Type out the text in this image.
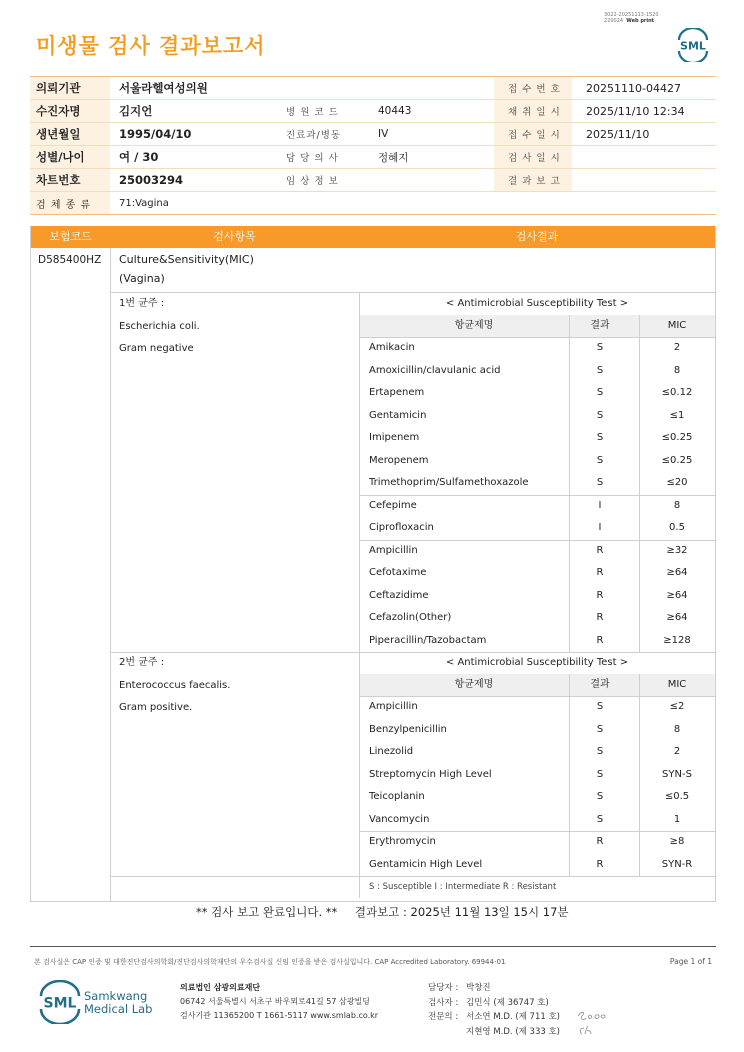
3022-20251113-1520
220024 Web print
미생물 검사 결과보고서	SML
의뢰기관	서울라헬여성의원	접 수 번 호	20251110-04427
수진자명	김지언	병 원 코 드	40443	채 취 일 시	2025/11/10 12:34
생년월일	1995/04/10	진료과/병동	IV	접 수 일 시	2025/11/10
성별/나이	여 / 30	담 당 의 사	정혜지	검 사 일 시
차트번호	25003294	임 상 정 보	결 과 보 고
검 체 종 류	71:Vagina
보험코드	검사항목	검사결과
D585400HZ Culture&Sensitivity(MIC)
(Vagina)
1번 균주 :
Escherichia coli.
Gram negative
< Antimicrobial Susceptibility Test >
항균제명	결과	MIC
Amikacin	S	2
Amoxicillin/clavulanic acid	S	8
Ertapenem	S	≤0.12
Gentamicin	S	≤1
Imipenem	S	≤0.25
Meropenem	S	≤0.25
Trimethoprim/Sulfamethoxazole	S	≤20
Cefepime	I	8
Ciprofloxacin	I	0.5
Ampicillin	R	≥32
Cefotaxime	R	≥64
Ceftazidime	R	≥64
Cefazolin(Other)	R	≥64
Piperacillin/Tazobactam	R	≥128
2번 균주 :
Enterococcus faecalis.
Gram positive.
< Antimicrobial Susceptibility Test >
항균제명	결과	MIC
Ampicillin	S	≤2
Benzylpenicillin	S	8
Linezolid	S	2
Streptomycin High Level	S	SYN-S
Teicoplanin	S	≤0.5
Vancomycin	S	1
Erythromycin	R	≥8
Gentamicin High Level	R	SYN-R
S : Susceptible I : Intermediate R : Resistant
** 검사 보고 완료입니다. ** 결과보고 : 2025년 11월 13일 15시 17분
본 검사실은 CAP 인증 및 대한진단검사의학회/진단검사의학재단의 우수검사실 신임 인증을 받은 검사실입니다. CAP Accredited Laboratory. 69944-01	Page 1 of 1
SML Samkwang
Medical Lab
의료법인 삼광의료재단
06742 서울특별시 서초구 바우뫼로41길 57 삼광빌딩
검사기관 11365200 T 1661-5117 www.smlab.co.kr
담당자 : 박창진
검사자 : 김민식 (제 36747 호)
전문의 : 서소연 M.D. (제 711 호)
지현영 M.D. (제 333 호)
